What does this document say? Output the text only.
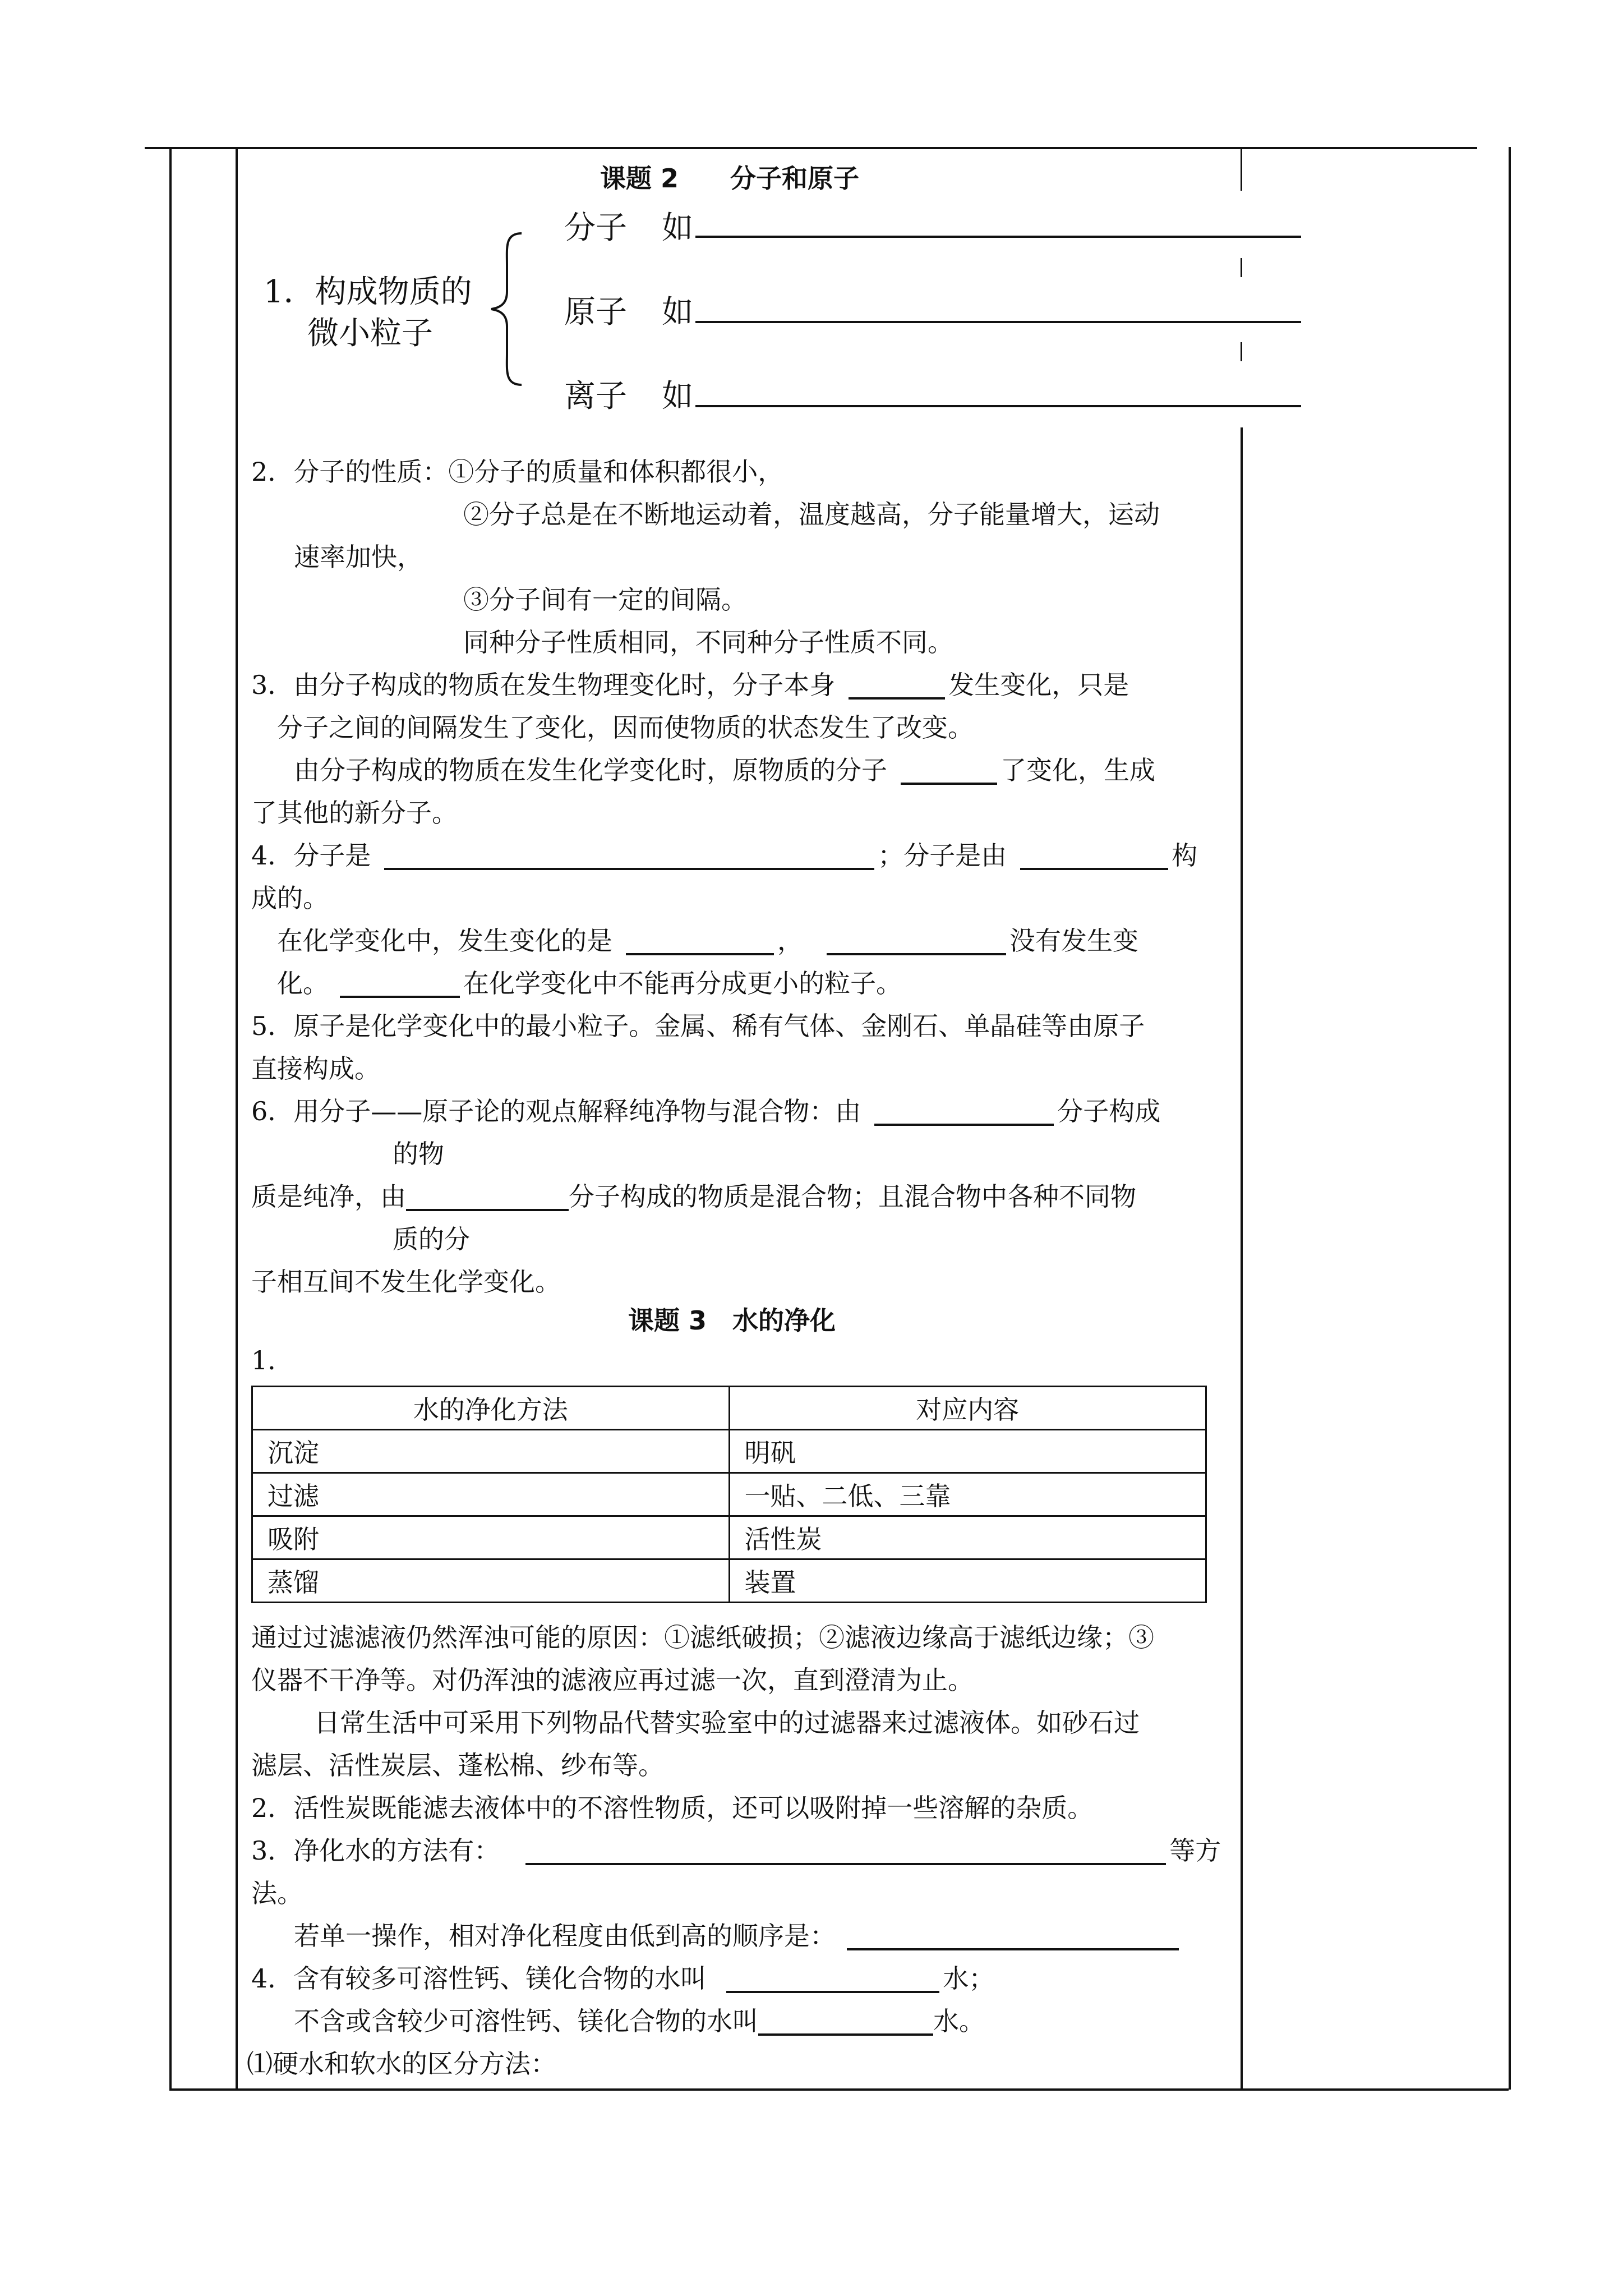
课题 2　　分子和原子
1．构成物质的
微小粒子
分子 如
原子 如
离子 如
2．分子的性质：①分子的质量和体积都很小，
②分子总是在不断地运动着，温度越高，分子能量增大，运动
速率加快，
③分子间有一定的间隔。
同种分子性质相同，不同种分子性质不同。
3．由分子构成的物质在发生物理变化时，分子本身	发生变化，只是
分子之间的间隔发生了变化，因而使物质的状态发生了改变。
由分子构成的物质在发生化学变化时，原物质的分子	了变化，生成
了其他的新分子。
4．分子是	；分子是由	构
成的。
在化学变化中，发生变化的是	，	没有发生变
化。	在化学变化中不能再分成更小的粒子。
5．原子是化学变化中的最小粒子。金属、稀有气体、金刚石、单晶硅等由原子
直接构成。
6．用分子——原子论的观点解释纯净物与混合物：由	分子构成
的物
质是纯净，由	分子构成的物质是混合物；且混合物中各种不同物
质的分
子相互间不发生化学变化。
课题 3　水的净化
1．
水的净化方法	对应内容
沉淀	明矾
过滤	一贴、二低、三靠
吸附	活性炭
蒸馏	装置
通过过滤滤液仍然浑浊可能的原因：①滤纸破损；②滤液边缘高于滤纸边缘；③
仪器不干净等。对仍浑浊的滤液应再过滤一次，直到澄清为止。
日常生活中可采用下列物品代替实验室中的过滤器来过滤液体。如砂石过
滤层、活性炭层、蓬松棉、纱布等。
2．活性炭既能滤去液体中的不溶性物质，还可以吸附掉一些溶解的杂质。
3．净化水的方法有：	等方
法。
若单一操作，相对净化程度由低到高的顺序是：
4．含有较多可溶性钙、镁化合物的水叫	水；
不含或含较少可溶性钙、镁化合物的水叫	水。
⑴硬水和软水的区分方法：
